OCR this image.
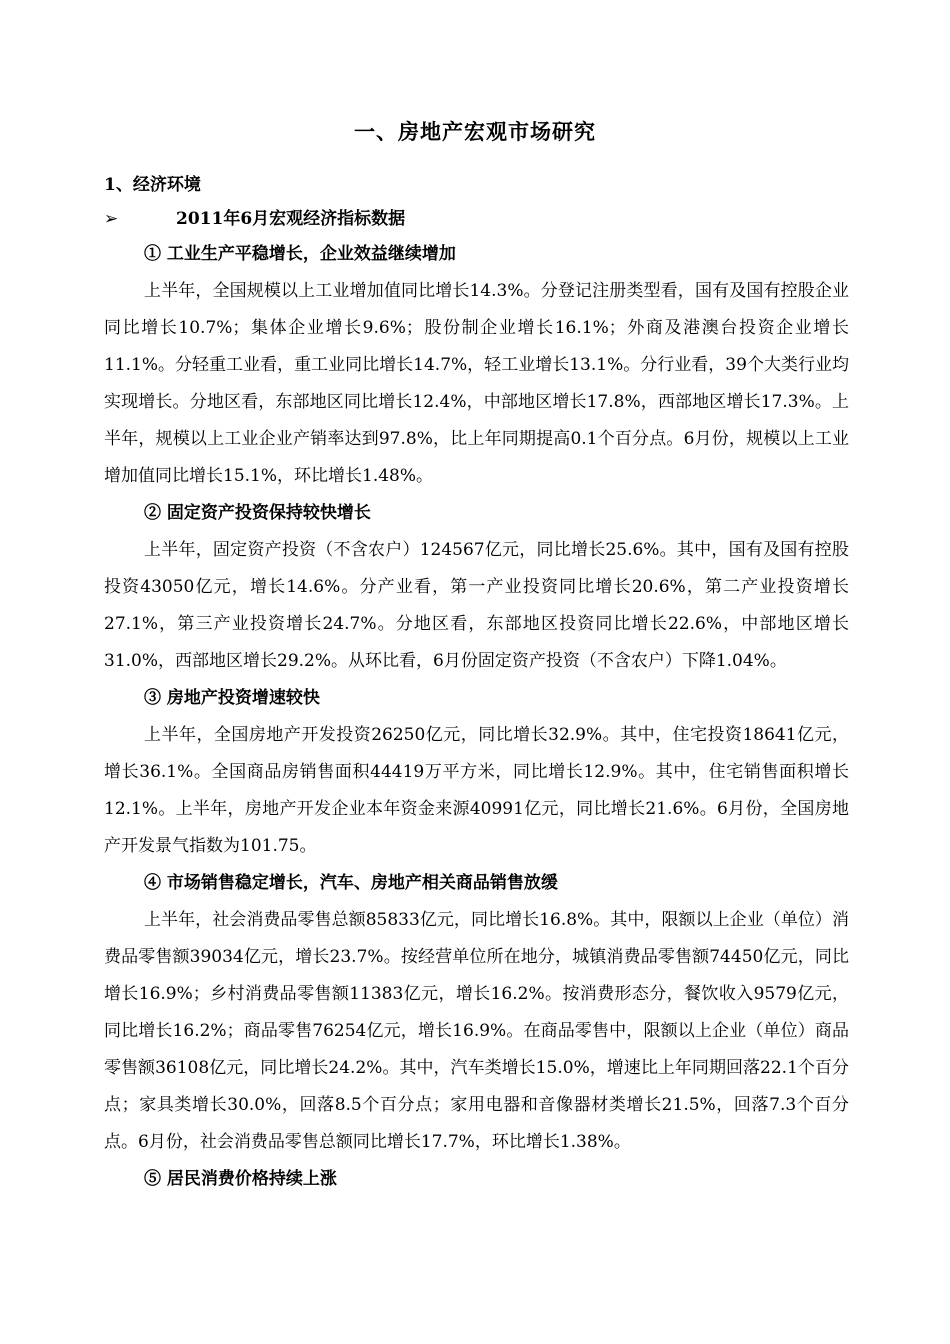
一、房地产宏观市场研究
1、经济环境
➢	2011年6月宏观经济指标数据
① 工业生产平稳增长，企业效益继续增加

上半年，全国规模以上工业增加值同比增长14.3%。分登记注册类型看，国有及国有控股企业同比增长10.7%；集体企业增长9.6%；股份制企业增长16.1%；外商及港澳台投资企业增长11.1%。分轻重工业看，重工业同比增长14.7%，轻工业增长13.1%。分行业看，39个大类行业均实现增长。分地区看，东部地区同比增长12.4%，中部地区增长17.8%，西部地区增长17.3%。上半年，规模以上工业企业产销率达到97.8%，比上年同期提高0.1个百分点。6月份，规模以上工业增加值同比增长15.1%，环比增长1.48%。

② 固定资产投资保持较快增长

上半年，固定资产投资（不含农户）124567亿元，同比增长25.6%。其中，国有及国有控股投资43050亿元，增长14.6%。分产业看，第一产业投资同比增长20.6%，第二产业投资增长27.1%，第三产业投资增长24.7%。分地区看，东部地区投资同比增长22.6%，中部地区增长31.0%，西部地区增长29.2%。从环比看，6月份固定资产投资（不含农户）下降1.04%。

③ 房地产投资增速较快

上半年，全国房地产开发投资26250亿元，同比增长32.9%。其中，住宅投资18641亿元，增长36.1%。全国商品房销售面积44419万平方米，同比增长12.9%。其中，住宅销售面积增长12.1%。上半年，房地产开发企业本年资金来源40991亿元，同比增长21.6%。6月份，全国房地产开发景气指数为101.75。

④ 市场销售稳定增长，汽车、房地产相关商品销售放缓

上半年，社会消费品零售总额85833亿元，同比增长16.8%。其中，限额以上企业（单位）消费品零售额39034亿元，增长23.7%。按经营单位所在地分，城镇消费品零售额74450亿元，同比增长16.9%；乡村消费品零售额11383亿元，增长16.2%。按消费形态分，餐饮收入9579亿元，同比增长16.2%；商品零售76254亿元，增长16.9%。在商品零售中，限额以上企业（单位）商品零售额36108亿元，同比增长24.2%。其中，汽车类增长15.0%，增速比上年同期回落22.1个百分点；家具类增长30.0%，回落8.5个百分点；家用电器和音像器材类增长21.5%，回落7.3个百分点。6月份，社会消费品零售总额同比增长17.7%，环比增长1.38%。

⑤ 居民消费价格持续上涨
